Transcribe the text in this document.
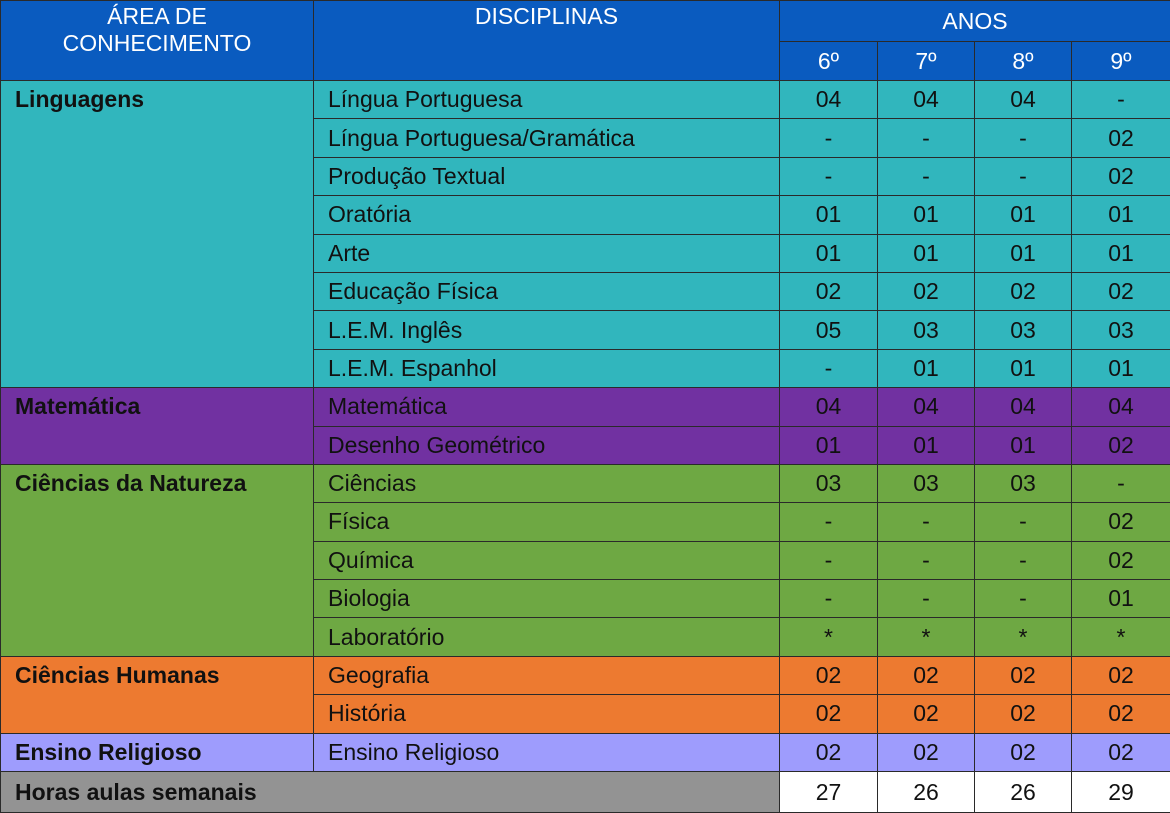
ÁREA DE
CONHECIMENTO	DISCIPLINAS	ANOS			
		6º	7º	8º	9º
Linguagens	Língua Portuguesa	04	04	04	-
	Língua Portuguesa/Gramática	-	-	-	02
	Produção Textual	-	-	-	02
	Oratória	01	01	01	01
	Arte	01	01	01	01
	Educação Física	02	02	02	02
	L.E.M. Inglês	05	03	03	03
	L.E.M. Espanhol	-	01	01	01
Matemática	Matemática	04	04	04	04
	Desenho Geométrico	01	01	01	02
Ciências da Natureza	Ciências	03	03	03	-
	Física	-	-	-	02
	Química	-	-	-	02
	Biologia	-	-	-	01
	Laboratório	*	*	*	*
Ciências Humanas	Geografia	02	02	02	02
	História	02	02	02	02
Ensino Religioso	Ensino Religioso	02	02	02	02
Horas aulas semanais		27	26	26	29
